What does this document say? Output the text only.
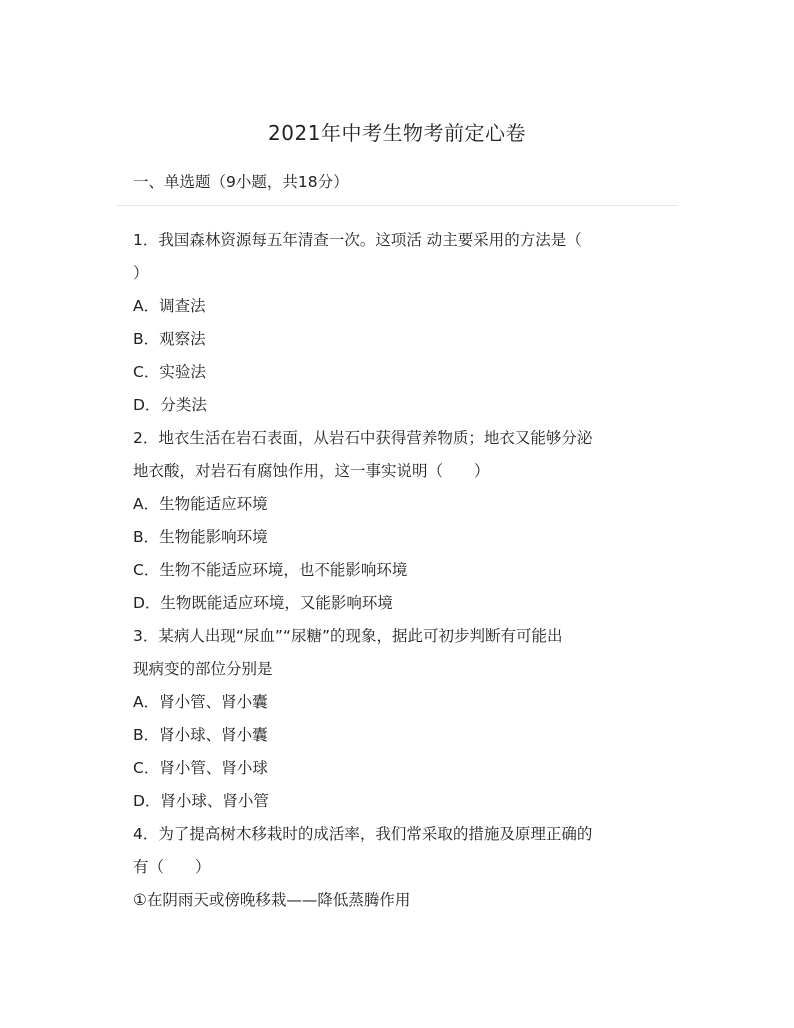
2021年中考生物考前定心卷
一、单选题（9小题，共18分）
1．我国森林资源每五年清查一次。这项活 动主要采用的方法是（
）
A．调查法
B．观察法
C．实验法
D．分类法
2．地衣生活在岩石表面，从岩石中获得营养物质；地衣又能够分泌
地衣酸，对岩石有腐蚀作用，这一事实说明（　　）
A．生物能适应环境
B．生物能影响环境
C．生物不能适应环境，也不能影响环境
D．生物既能适应环境，又能影响环境
3．某病人出现“尿血”“尿糖”的现象，据此可初步判断有可能出
现病变的部位分别是
A．肾小管、肾小囊
B．肾小球、肾小囊
C．肾小管、肾小球
D．肾小球、肾小管
4．为了提高树木移栽时的成活率，我们常采取的措施及原理正确的
有（　　）
①在阴雨天或傍晚移栽——降低蒸腾作用
